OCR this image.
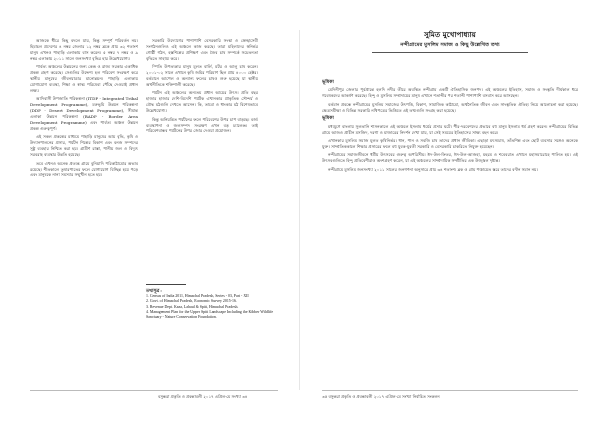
আজকে ধীরে কিছু বদলে যায়, কিন্তু সম্পূর্ণ পরিবর্তন নয়। হিমাচল প্রদেশের ৪ নম্বর জেলার ১২ নম্বর ব্লকে প্রায় ৩২ শতাংশ মানুষ এখনও পাহাড়ি এলাকায় বাস করেন। ৫ নম্বর ৭ নম্বর ও ৯ নম্বর এলাকায় ২০১১ সালে জনসংখ্যা বৃদ্ধির হার উল্লেখযোগ্য।

পার্বত্য অঞ্চলের উন্নয়নের জন্য কেন্দ্র ও রাজ্য সরকার একাধিক প্রকল্প গ্রহণ করেছে। সেগুলির উদ্দেশ্য হল পরিবেশ সংরক্ষণ করে স্থানীয় মানুষের জীবনযাত্রার মানোন্নয়ন। পাহাড়ি এলাকায় যোগাযোগ ব্যবস্থা, শিক্ষা ও স্বাস্থ্য পরিষেবা পৌঁছে দেওয়াই প্রধান লক্ষ্য।

আদিবাসী উপজাতি পরিকল্পনা (ITDP - Integrated Tribal Development Programme), মরুভূমি উন্নয়ন পরিকল্পনা (DDP - Desert Development Programme), সীমান্ত এলাকা উন্নয়ন পরিকল্পনা (BADP - Border Area Development Programme) এবং পার্বত্য অঞ্চল উন্নয়ন প্রকল্প গুরুত্বপূর্ণ।

এই সকল প্রকল্পের মাধ্যমে পাহাড়ি মানুষের আয় বৃদ্ধি, কৃষি ও উদ্যানপালনের প্রসার, পর্যটন শিল্পের বিকাশ এবং বনজ সম্পদের সুষ্ঠু ব্যবহার নিশ্চিত করা হয়। গ্রামীণ রাস্তা, পানীয় জল ও বিদ্যুৎ সরবরাহ ব্যবস্থার উন্নতি হয়েছে।

তবে এখনও অনেক প্রত্যন্ত গ্রামে বুনিয়াদি পরিকাঠামোর অভাব রয়েছে। শীতকালে তুষারপাতের ফলে যোগাযোগ বিচ্ছিন্ন হয়ে পড়ে এবং মানুষকে নানা সমস্যার সম্মুখীন হতে হয়।

সরকারি উদ্যোগের পাশাপাশি বেসরকারি সংস্থা ও স্বেচ্ছাসেবী সংগঠনগুলিও এই অঞ্চলে কাজ করছে। তারা মহিলাদের স্বনির্ভর গোষ্ঠী গঠন, হস্তশিল্পের প্রশিক্ষণ এবং জৈব চাষ সম্পর্কে সচেতনতা বৃদ্ধিতে সাহায্য করে।

স্পিতি উপত্যকার মানুষ মূলত বার্লি, মটর ও আলু চাষ করেন। ২০০১-০২ সালে এখানে কৃষি জমির পরিমাণ ছিল প্রায় ৪০০০ হেক্টর। বর্তমানে আপেল ও অন্যান্য ফলের চাষও শুরু হয়েছে যা স্থানীয় অর্থনীতিকে শক্তিশালী করেছে।

পর্যটন এই অঞ্চলের অন্যতম প্রধান আয়ের উৎস। প্রতি বছর হাজার হাজার দেশি-বিদেশি পর্যটক এখানকার প্রাকৃতিক সৌন্দর্য ও বৌদ্ধ মঠগুলি দেখতে আসেন। কি, তাবো ও ধাংকার মঠ বিশেষভাবে উল্লেখযোগ্য।

কিন্তু অনিয়ন্ত্রিত পর্যটনের ফলে পরিবেশের উপর চাপ বাড়ছে। বর্জ্য ব্যবস্থাপনা ও জলসম্পদ সংরক্ষণ এখন বড় চ্যালেঞ্জ। তাই পরিবেশবান্ধব পর্যটনের উপর জোর দেওয়া প্রয়োজন।

তথ্যসূত্র :

1. Census of India 2011, Himachal Pradesh, Series - 03, Part - XII

2. Govt. of Himachal Pradesh, Economic Survey 2015-16.

3. Revenue Dept. Kaza, Lahaul & Spiti, Himachal Pradesh.

4. Management Plan for the Upper Spiti Landscape Including the Kibber Wildlife Sanctuary - Nature Conservation Foundation.

বসুন্ধরা প্রকৃতি ও প্রবন্ধাবলী ২০১৭ এপ্রিল-মে সংখ্যা ৩৪
সুমিত মুখোপাধ্যায়
নন্দীগ্রামের মুসলিম সমাজ ও কিছু উল্লেখিত তথ্য
ভূমিকা

মেদিনীপুর জেলার পূর্বপ্রান্তে হলদি নদীর তীরে অবস্থিত নন্দীগ্রাম একটি ঐতিহাসিক জনপদ। এই অঞ্চলের ইতিহাস, সমাজ ও সংস্কৃতি দীর্ঘকাল ধরে গবেষকদের আকর্ষণ করেছে। হিন্দু ও মুসলিম সম্প্রদায়ের মানুষ এখানে শতাব্দীর পর শতাব্দী পাশাপাশি বসবাস করে আসছেন।

বর্তমান প্রবন্ধে নন্দীগ্রামের মুসলিম সমাজের উৎপত্তি, বিকাশ, সামাজিক কাঠামো, অর্থনৈতিক জীবন এবং সাংস্কৃতিক ঐতিহ্য নিয়ে আলোচনা করা হয়েছে। ক্ষেত্রসমীক্ষা ও বিভিন্ন সরকারি নথিপত্রের ভিত্তিতে এই তথ্যগুলি সংগ্রহ করা হয়েছে।

ভূমিকা

মধ্যযুগে বাংলায় সুলতানি শাসনকালে এই অঞ্চলে ইসলাম ধর্মের প্রসার ঘটে। পীর-দরবেশদের প্রভাবে বহু মানুষ ইসলাম ধর্ম গ্রহণ করেন। নন্দীগ্রামের বিভিন্ন গ্রামে আজও প্রাচীন মসজিদ, দরগা ও মাজারের নিদর্শন দেখা যায়, যা সেই সময়ের ইতিহাসের সাক্ষ্য বহন করে।

এখানকার মুসলিম সমাজ মূলত কৃষিনির্ভর। ধান, পান ও সবজি চাষ তাদের প্রধান জীবিকা। এছাড়া মৎস্যচাষ, তাঁতশিল্প এবং ছোট ব্যবসার সঙ্গেও অনেকে যুক্ত। সাম্প্রতিককালে শিক্ষার প্রসারের ফলে বহু যুবক-যুবতী সরকারি ও বেসরকারি চাকরিতে নিযুক্ত হয়েছেন।

নন্দীগ্রামের সমাজজীবনে ধর্মীয় উৎসবের গুরুত্ব অপরিসীম। ঈদ-উল-ফিতর, ঈদ-উল-আজহা, মহরম ও শবেবরাত এখানে মহাসমারোহে পালিত হয়। এই উৎসবগুলিতে হিন্দু প্রতিবেশীরাও অংশগ্রহণ করেন, যা এই অঞ্চলের সাম্প্রদায়িক সম্প্রীতির এক উজ্জ্বল দৃষ্টান্ত।

নন্দীগ্রামে মুসলিম জনসংখ্যা ২০১১ সালের জনগণনা অনুসারে প্রায় ৩৪ শতাংশ। ব্লক ও গ্রাম পঞ্চায়েত স্তরে তাদের বণ্টন সমান নয়।

৩৫ বসুন্ধরা প্রকৃতি ও প্রবন্ধাবলী ২০১৭ এপ্রিল-মে সংখ্যা নির্বাচিত সংকলন
